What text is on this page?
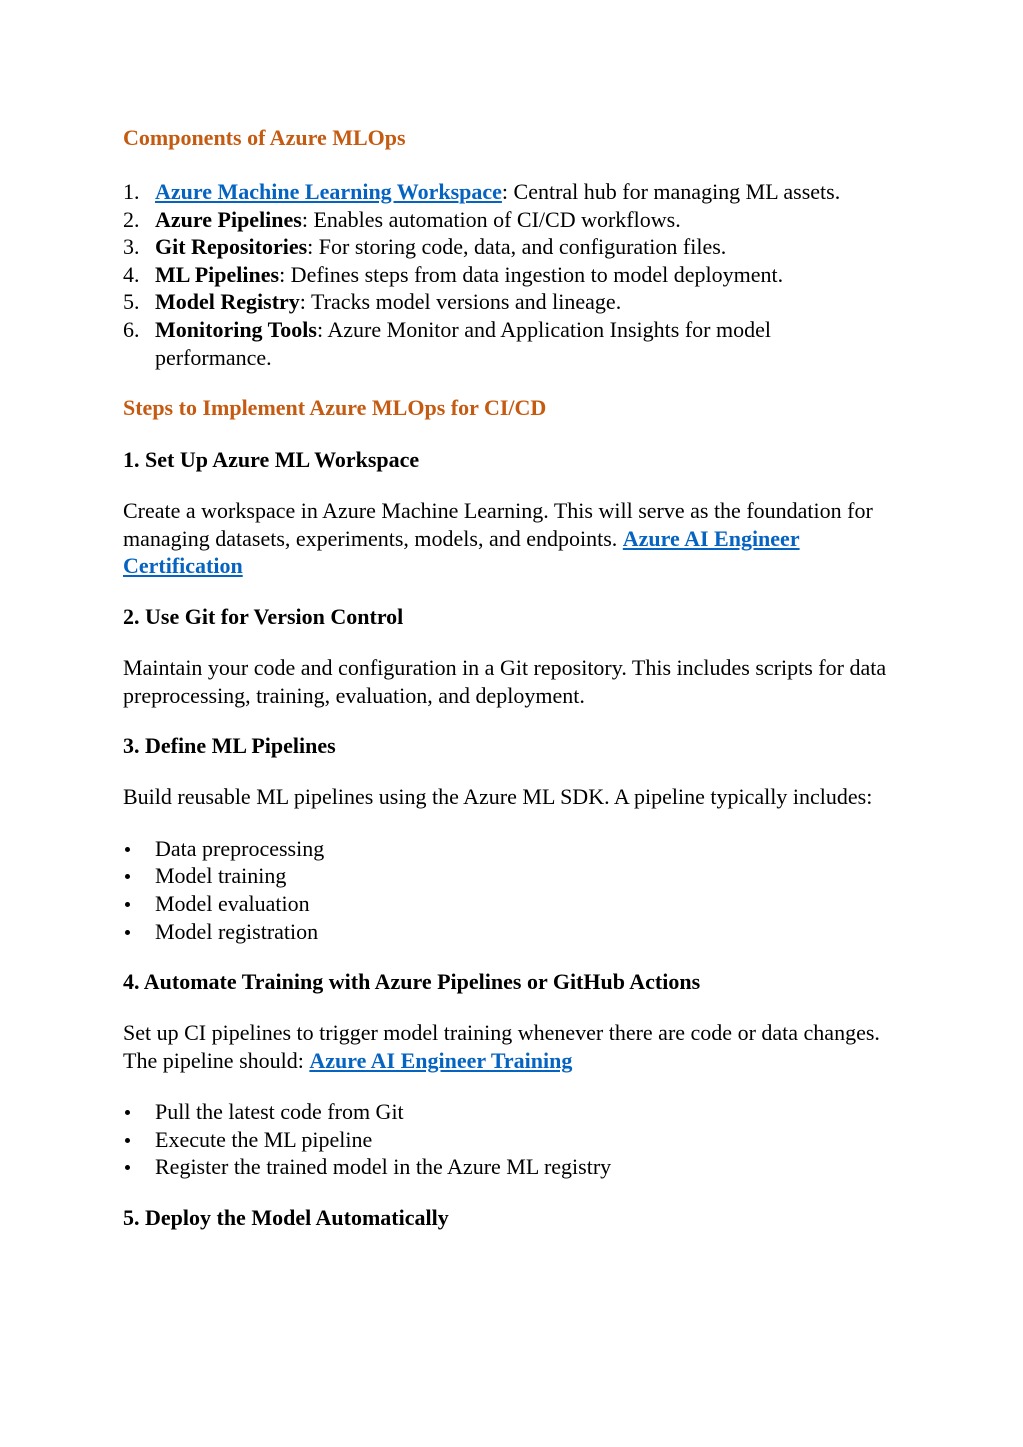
Components of Azure MLOps
1. Azure Machine Learning Workspace: Central hub for managing ML assets.
2. Azure Pipelines: Enables automation of CI/CD workflows.
3. Git Repositories: For storing code, data, and configuration files.
4. ML Pipelines: Defines steps from data ingestion to model deployment.
5. Model Registry: Tracks model versions and lineage.
6. Monitoring Tools: Azure Monitor and Application Insights for model performance.
Steps to Implement Azure MLOps for CI/CD
1. Set Up Azure ML Workspace

Create a workspace in Azure Machine Learning. This will serve as the foundation for managing datasets, experiments, models, and endpoints. Azure AI Engineer Certification

2. Use Git for Version Control

Maintain your code and configuration in a Git repository. This includes scripts for data preprocessing, training, evaluation, and deployment.

3. Define ML Pipelines

Build reusable ML pipelines using the Azure ML SDK. A pipeline typically includes:

Data preprocessing
Model training
Model evaluation
Model registration
4. Automate Training with Azure Pipelines or GitHub Actions

Set up CI pipelines to trigger model training whenever there are code or data changes. The pipeline should: Azure AI Engineer Training

Pull the latest code from Git
Execute the ML pipeline
Register the trained model in the Azure ML registry
5. Deploy the Model Automatically
